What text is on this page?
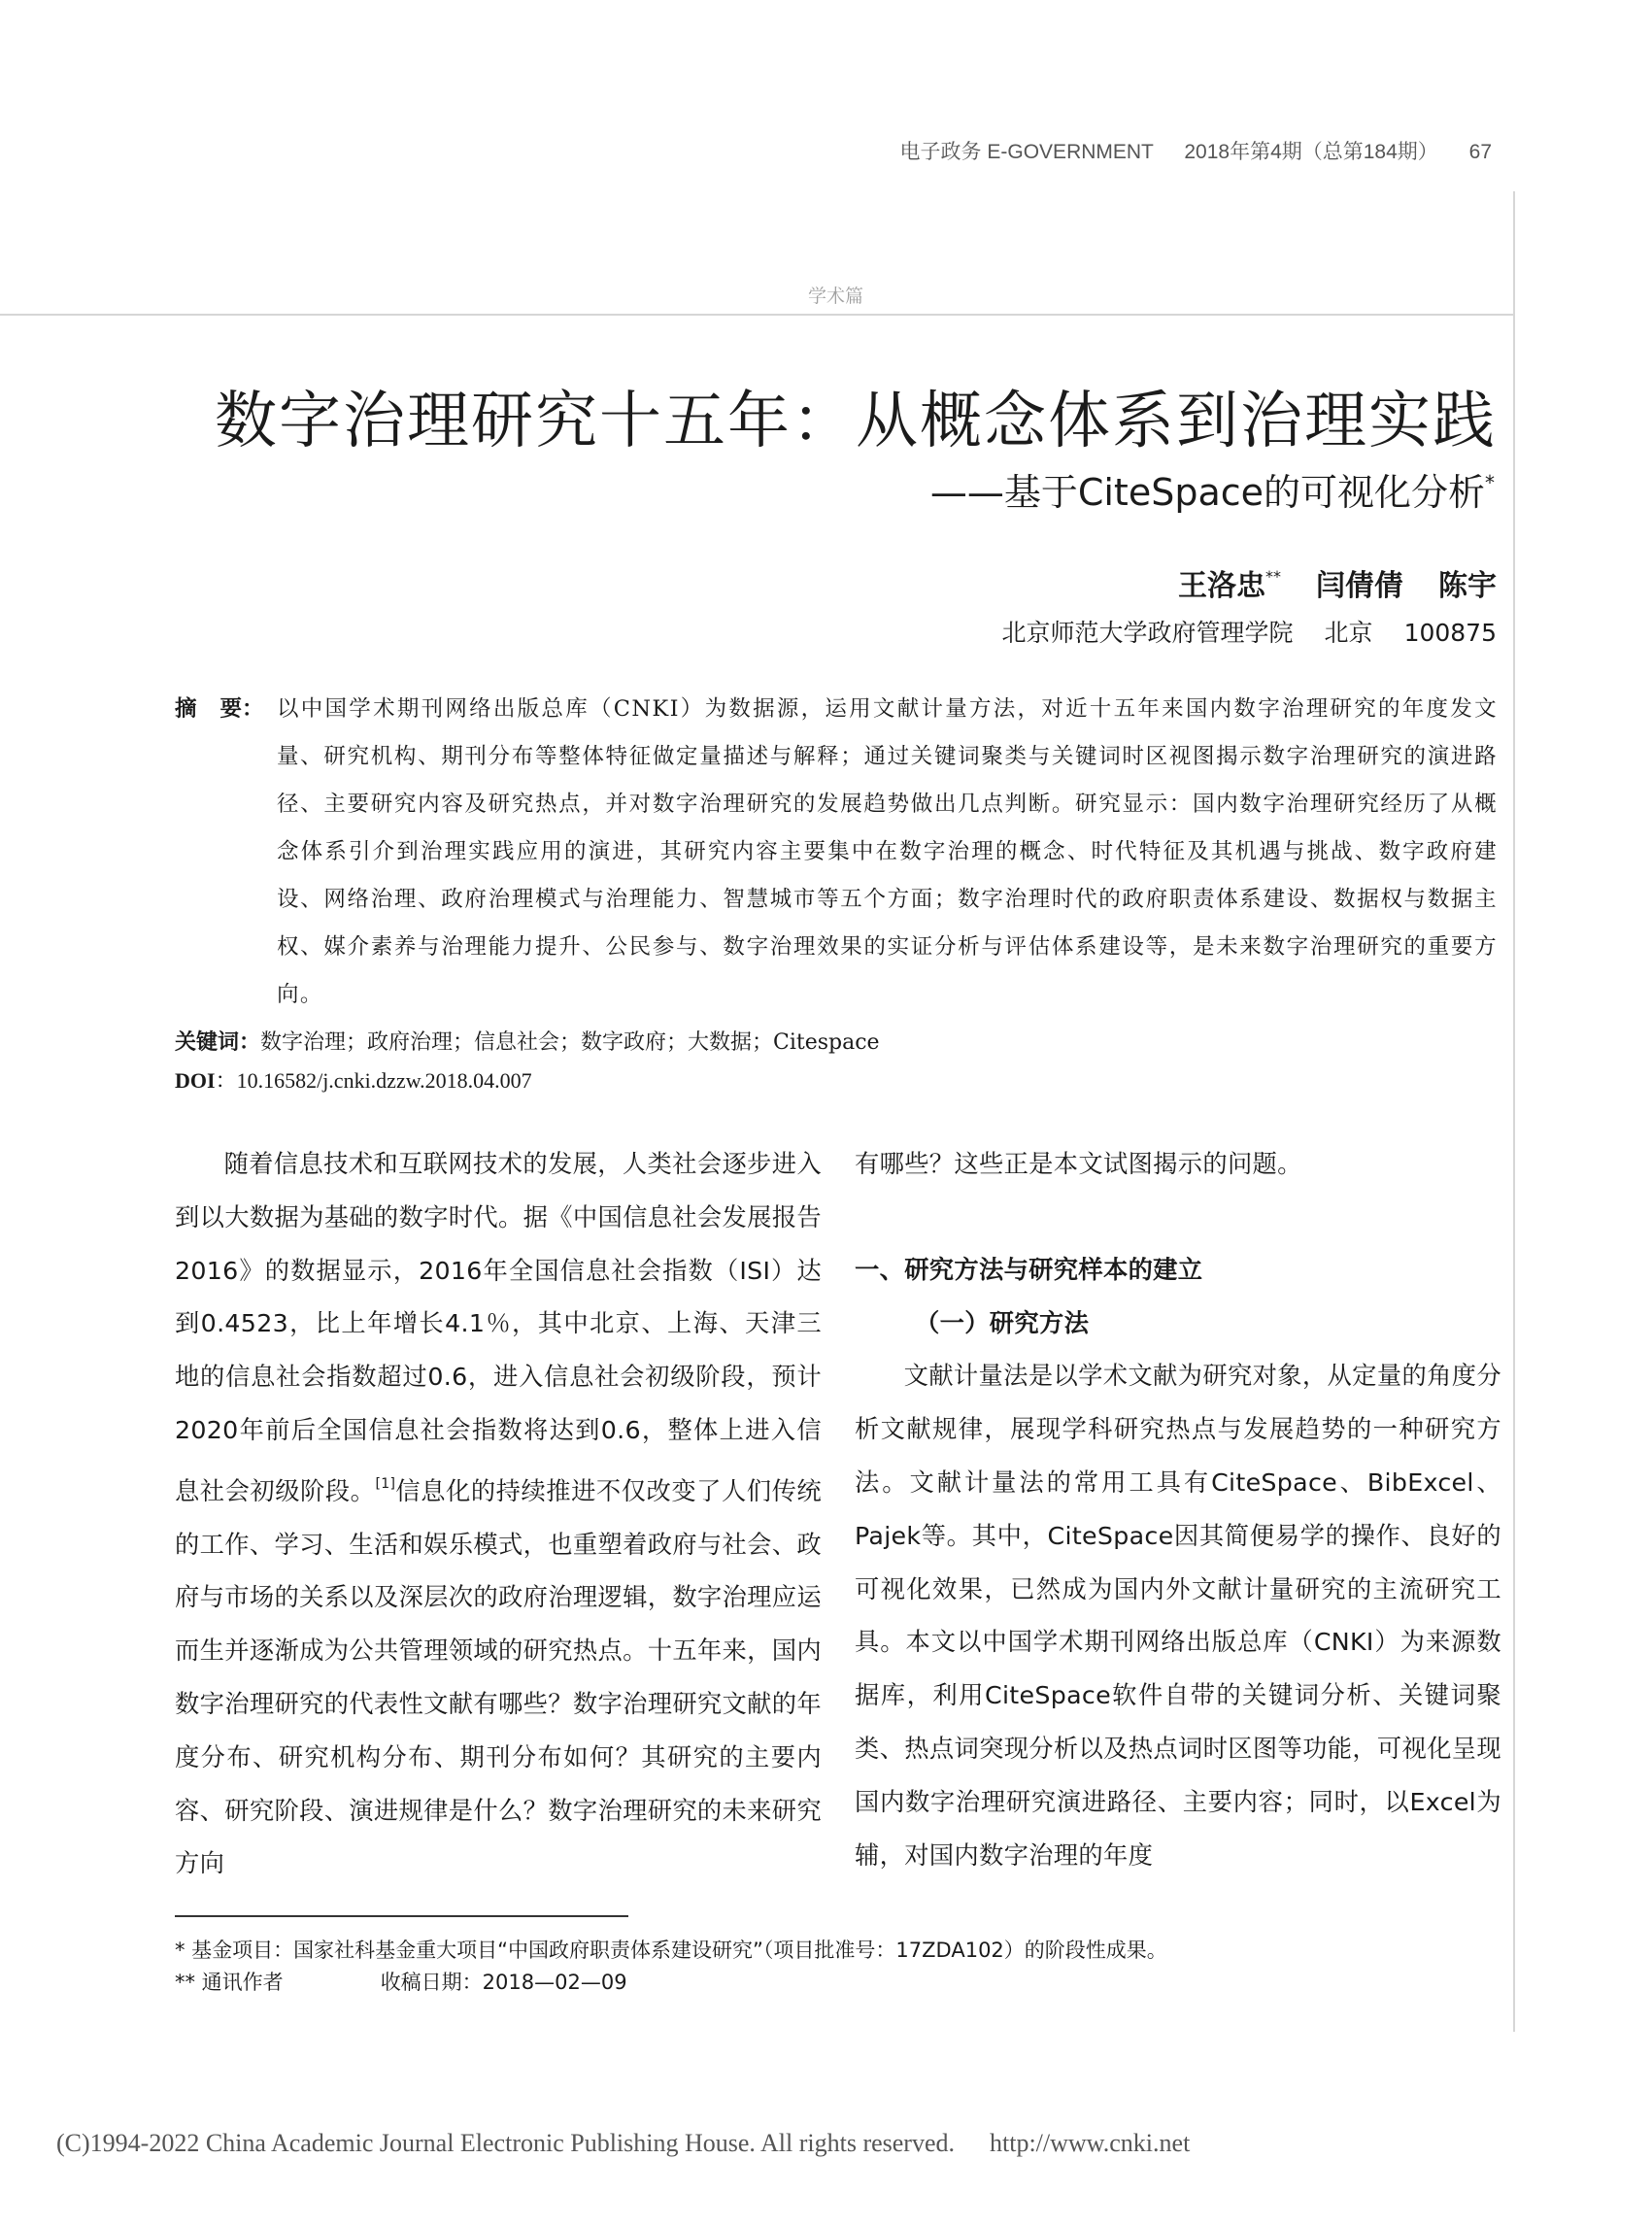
电子政务 E-GOVERNMENT 2018年第4期（总第184期） 67
学术篇
数字治理研究十五年：从概念体系到治理实践
——基于CiteSpace的可视化分析*
王洛忠** 闫倩倩 陈宇
北京师范大学政府管理学院 北京 100875
摘 要： 以中国学术期刊网络出版总库（CNKI）为数据源，运用文献计量方法，对近十五年来国内数字治理研究的年度发文量、研究机构、期刊分布等整体特征做定量描述与解释；通过关键词聚类与关键词时区视图揭示数字治理研究的演进路径、主要研究内容及研究热点，并对数字治理研究的发展趋势做出几点判断。研究显示：国内数字治理研究经历了从概念体系引介到治理实践应用的演进，其研究内容主要集中在数字治理的概念、时代特征及其机遇与挑战、数字政府建设、网络治理、政府治理模式与治理能力、智慧城市等五个方面；数字治理时代的政府职责体系建设、数据权与数据主权、媒介素养与治理能力提升、公民参与、数字治理效果的实证分析与评估体系建设等，是未来数字治理研究的重要方向。
关键词：数字治理；政府治理；信息社会；数字政府；大数据；Citespace
DOI：10.16582/j.cnki.dzzw.2018.04.007

随着信息技术和互联网技术的发展，人类社会逐步进入到以大数据为基础的数字时代。据《中国信息社会发展报告2016》的数据显示，2016年全国信息社会指数（ISI）达到0.4523，比上年增长4.1％，其中北京、上海、天津三地的信息社会指数超过0.6，进入信息社会初级阶段，预计2020年前后全国信息社会指数将达到0.6，整体上进入信息社会初级阶段。[1]信息化的持续推进不仅改变了人们传统的工作、学习、生活和娱乐模式，也重塑着政府与社会、政府与市场的关系以及深层次的政府治理逻辑，数字治理应运而生并逐渐成为公共管理领域的研究热点。十五年来，国内数字治理研究的代表性文献有哪些？数字治理研究文献的年度分布、研究机构分布、期刊分布如何？其研究的主要内容、研究阶段、演进规律是什么？数字治理研究的未来研究方向

有哪些？这些正是本文试图揭示的问题。

一、研究方法与研究样本的建立

（一）研究方法

文献计量法是以学术文献为研究对象，从定量的角度分析文献规律，展现学科研究热点与发展趋势的一种研究方法。文献计量法的常用工具有CiteSpace、BibExcel、Pajek等。其中，CiteSpace因其简便易学的操作、良好的可视化效果，已然成为国内外文献计量研究的主流研究工具。本文以中国学术期刊网络出版总库（CNKI）为来源数据库，利用CiteSpace软件自带的关键词分析、关键词聚类、热点词突现分析以及热点词时区图等功能，可视化呈现国内数字治理研究演进路径、主要内容；同时，以Excel为辅，对国内数字治理的年度

* 基金项目：国家社科基金重大项目“中国政府职责体系建设研究”（项目批准号：17ZDA102）的阶段性成果。
** 通讯作者	收稿日期：2018—02—09
(C)1994-2022 China Academic Journal Electronic Publishing House. All rights reserved. http://www.cnki.net
